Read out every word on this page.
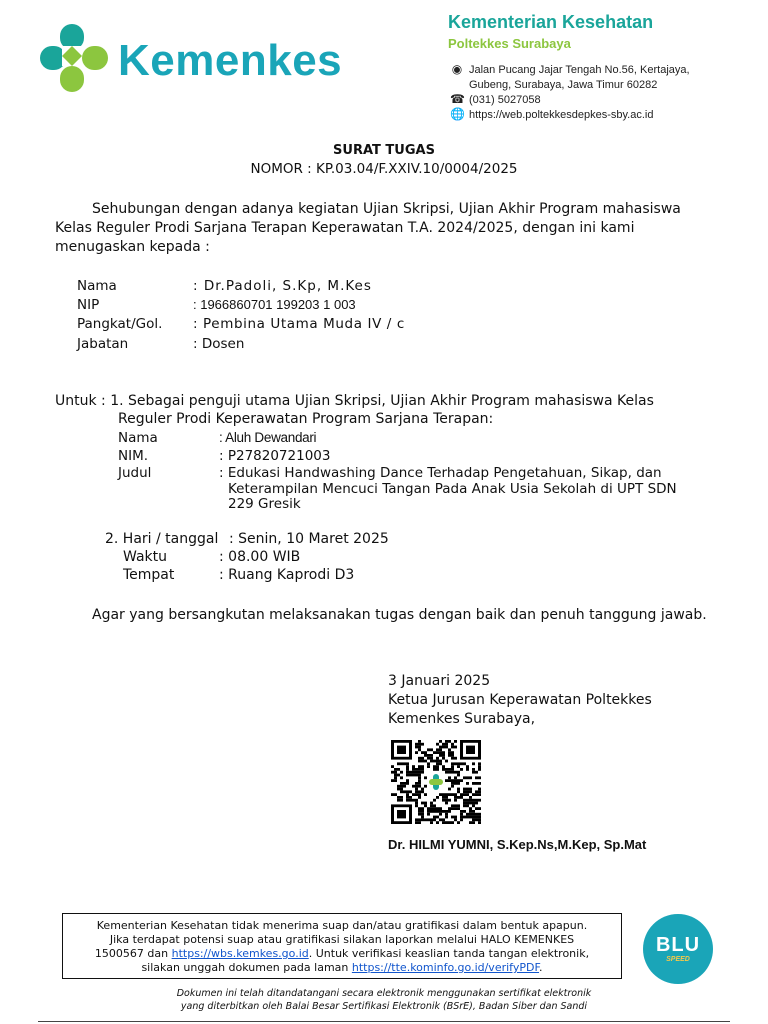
Kemenkes
Kementerian Kesehatan
Poltekkes Surabaya
◉ Jalan Pucang Jajar Tengah No.56, Kertajaya,
Gubeng, Surabaya, Jawa Timur 60282
☎ (031) 5027058
🌐 https://web.poltekkesdepkes-sby.ac.id
SURAT TUGAS
NOMOR : KP.03.04/F.XXIV.10/0004/2025
Sehubungan dengan adanya kegiatan Ujian Skripsi, Ujian Akhir Program mahasiswa
Kelas Reguler Prodi Sarjana Terapan Keperawatan T.A. 2024/2025, dengan ini kami
menugaskan kepada :
Nama	: Dr.Padoli, S.Kp, M.Kes
NIP	: 1966860701 199203 1 003
Pangkat/Gol. : Pembina Utama Muda IV / c
Jabatan	: Dosen
Untuk : 1. Sebagai penguji utama Ujian Skripsi, Ujian Akhir Program mahasiswa Kelas
Reguler Prodi Keperawatan Program Sarjana Terapan:
Nama	: Aluh Dewandari
NIM.	: P27820721003
Judul	: Edukasi Handwashing Dance Terhadap Pengetahuan, Sikap, dan
Keterampilan Mencuci Tangan Pada Anak Usia Sekolah di UPT SDN
229 Gresik
2. Hari / tanggal : Senin, 10 Maret 2025
Waktu	: 08.00 WIB
Tempat	: Ruang Kaprodi D3
Agar yang bersangkutan melaksanakan tugas dengan baik dan penuh tanggung jawab.
3 Januari 2025
Ketua Jurusan Keperawatan Poltekkes
Kemenkes Surabaya,
Dr. HILMI YUMNI, S.Kep.Ns,M.Kep, Sp.Mat
Kementerian Kesehatan tidak menerima suap dan/atau gratifikasi dalam bentuk apapun.
Jika terdapat potensi suap atau gratifikasi silakan laporkan melalui HALO KEMENKES
1500567 dan https://wbs.kemkes.go.id. Untuk verifikasi keaslian tanda tangan elektronik,
silakan unggah dokumen pada laman https://tte.kominfo.go.id/verifyPDF.
BLU
SPEED
Dokumen ini telah ditandatangani secara elektronik menggunakan sertifikat elektronik
yang diterbitkan oleh Balai Besar Sertifikasi Elektronik (BSrE), Badan Siber dan Sandi
